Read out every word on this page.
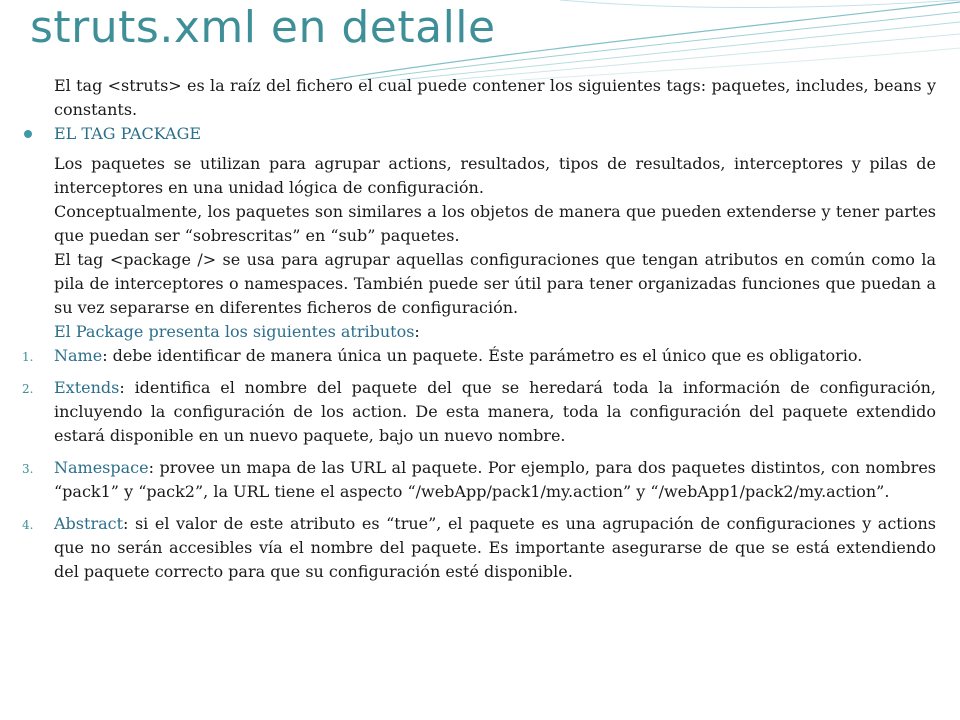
struts.xml en detalle

El tag <struts> es la raíz del fichero el cual puede contener los siguientes tags: paquetes, includes, beans y constants.

EL TAG PACKAGE

Los paquetes se utilizan para agrupar actions, resultados, tipos de resultados, interceptores y pilas de interceptores en una unidad lógica de configuración.

Conceptualmente, los paquetes son similares a los objetos de manera que pueden extenderse y tener partes que puedan ser “sobrescritas” en “sub” paquetes.

El tag <package /> se usa para agrupar aquellas configuraciones que tengan atributos en común como la pila de interceptores o namespaces. También puede ser útil para tener organizadas funciones que puedan a su vez separarse en diferentes ficheros de configuración.

El Package presenta los siguientes atributos:

1. Name: debe identificar de manera única un paquete. Éste parámetro es el único que es obligatorio.
2. Extends: identifica el nombre del paquete del que se heredará toda la información de configuración, incluyendo la configuración de los action. De esta manera, toda la configuración del paquete extendido estará disponible en un nuevo paquete, bajo un nuevo nombre.
3. Namespace: provee un mapa de las URL al paquete. Por ejemplo, para dos paquetes distintos, con nombres “pack1” y “pack2”, la URL tiene el aspecto “/webApp/pack1/my.action” y “/webApp1/pack2/my.action”.
4. Abstract: si el valor de este atributo es “true”, el paquete es una agrupación de configuraciones y actions que no serán accesibles vía el nombre del paquete. Es importante asegurarse de que se está extendiendo del paquete correcto para que su configuración esté disponible.
